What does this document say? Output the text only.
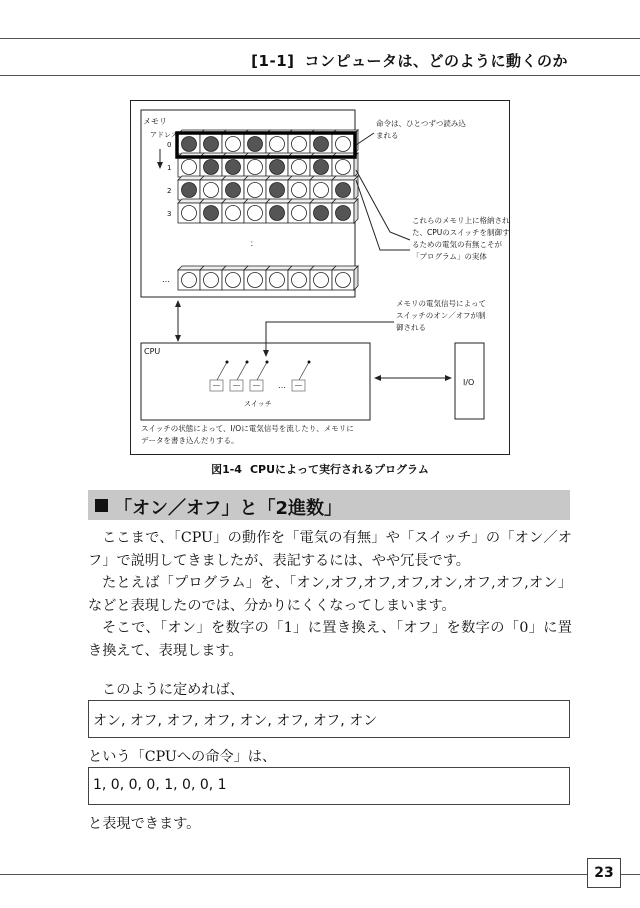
[1-1] コンピュータは、どのように動くのか
メモリ
アドレス
0
1
2
3
：
…
命令は、ひとつずつ読み込
まれる
これらのメモリ上に格納され
た、CPUのスイッチを制御す
るための電気の有無こそが
「プログラム」の実体
メモリの電気信号によって
スイッチのオン／オフが制
御される
CPU
…
スイッチ
I/O
スイッチの状態によって、I/Oに電気信号を流したり、メモリに
データを書き込んだりする。
図1-4 CPUによって実行されるプログラム
「オン／オフ」と「2進数」

ここまで、「CPU」の動作を「電気の有無」や「スイッチ」の「オン／オフ」で説明してきましたが、表記するには、やや冗長です。

たとえば「プログラム」を、「オン,オフ,オフ,オフ,オン,オフ,オフ,オン」などと表現したのでは、分かりにくくなってしまいます。

そこで、「オン」を数字の「1」に置き換え、「オフ」を数字の「0」に置き換えて、表現します。

このように定めれば、
オン, オフ, オフ, オフ, オン, オフ, オフ, オン
という「CPUへの命令」は、
1, 0, 0, 0, 1, 0, 0, 1
と表現できます。
23
